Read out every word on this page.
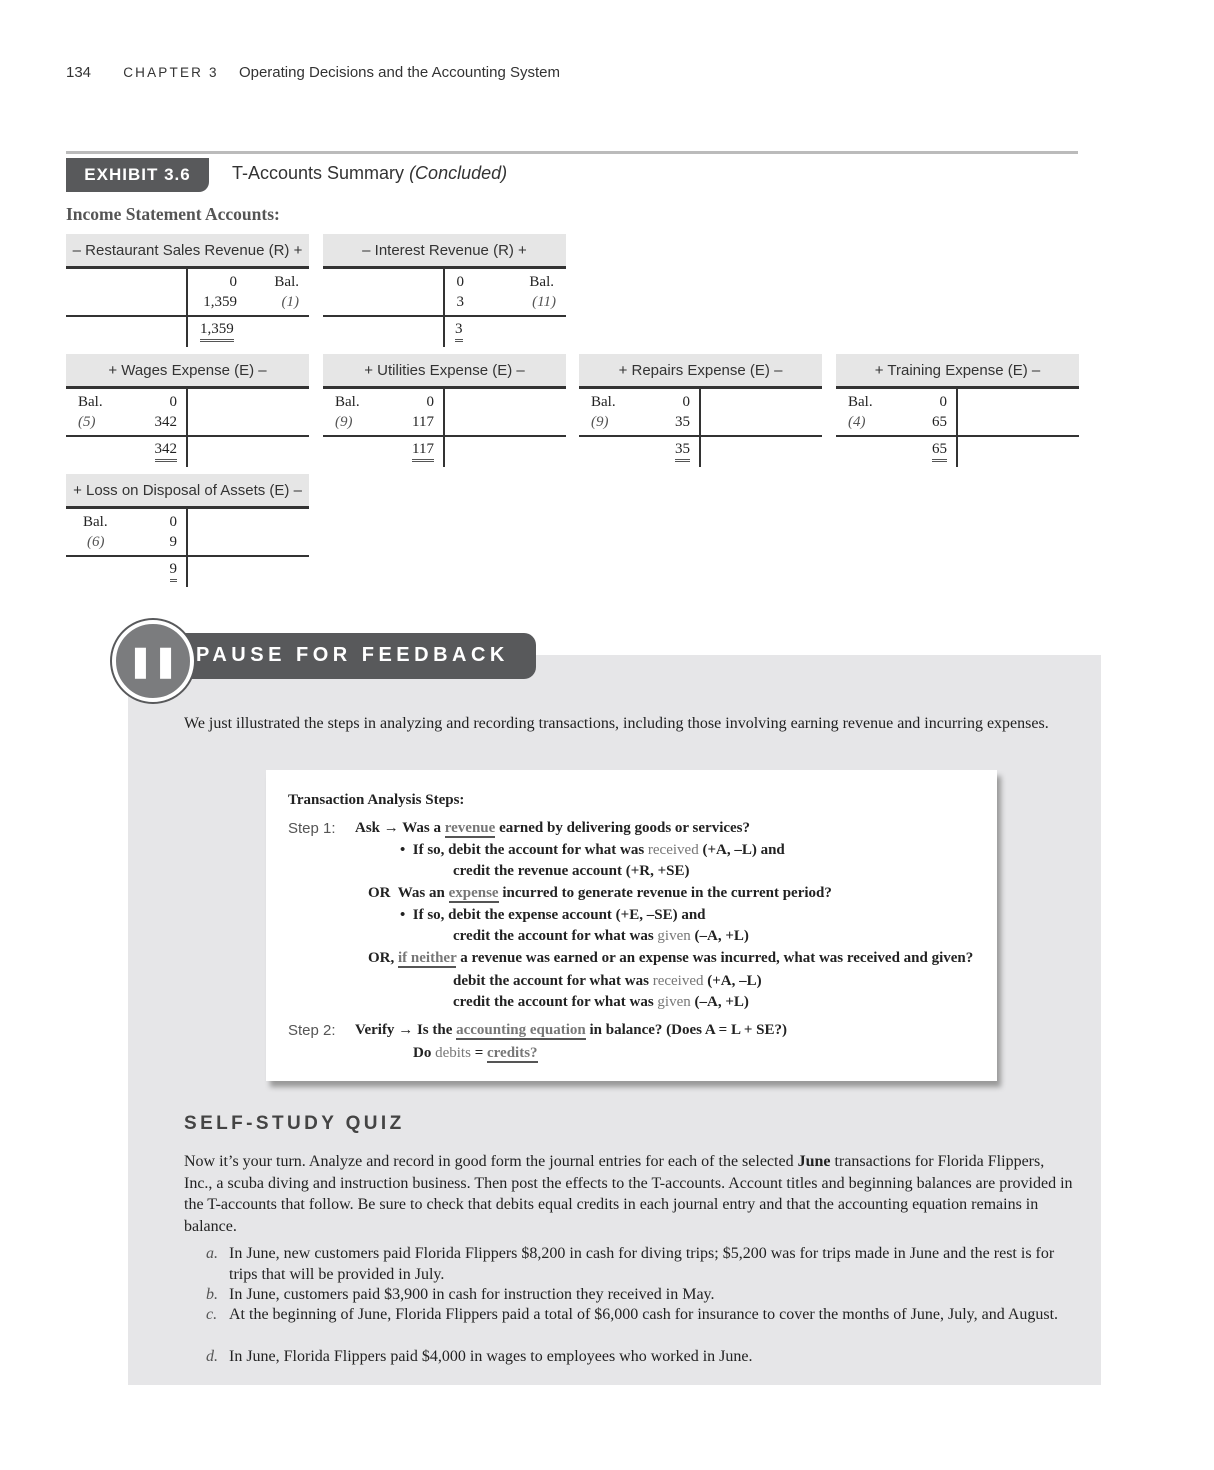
134 CHAPTER 3 Operating Decisions and the Accounting System
EXHIBIT 3.6	T-Accounts Summary (Concluded)
Income Statement Accounts:
– Restaurant Sales Revenue (R) +
0
1,359
Bal.
(1)
1,359
– Interest Revenue (R) +
0
3
Bal.
(11)
3
+ Wages Expense (E) –
Bal.
(5)
0
342
342
+ Utilities Expense (E) –
Bal.
(9)
0
117
117
+ Repairs Expense (E) –
Bal.
(9)
0
35
35
+ Training Expense (E) –
Bal.
(4)
0
65
65
+ Loss on Disposal of Assets (E) –
Bal.
(6)
0
9
9
❚❚ PAUSE FOR FEEDBACK
We just illustrated the steps in analyzing and recording transactions, including those involving earning revenue and incurring expenses.
Transaction Analysis Steps:
Step 1: Ask → Was a revenue earned by delivering goods or services?
•  If so, debit the account for what was received (+A, –L) and
credit the revenue account (+R, +SE)
OR Was an expense incurred to generate revenue in the current period?
•  If so, debit the expense account (+E, –SE) and
credit the account for what was given (–A, +L)
OR, if neither a revenue was earned or an expense was incurred, what was received and given?
debit the account for what was received (+A, –L)
credit the account for what was given (–A, +L)
Step 2: Verify → Is the accounting equation in balance? (Does A = L + SE?)
Do debits = credits?
SELF-STUDY QUIZ
Now it’s your turn. Analyze and record in good form the journal entries for each of the selected June transactions for Florida Flippers, Inc., a scuba diving and instruction business. Then post the effects to the T-accounts. Account titles and beginning balances are provided in the T-accounts that follow. Be sure to check that debits equal credits in each journal entry and that the accounting equation remains in balance.
a. In June, new customers paid Florida Flippers $8,200 in cash for diving trips; $5,200 was for trips made in June and the rest is for trips that will be provided in July.
b. In June, customers paid $3,900 in cash for instruction they received in May.
c. At the beginning of June, Florida Flippers paid a total of $6,000 cash for insurance to cover the months of June, July, and August.
d. In June, Florida Flippers paid $4,000 in wages to employees who worked in June.
